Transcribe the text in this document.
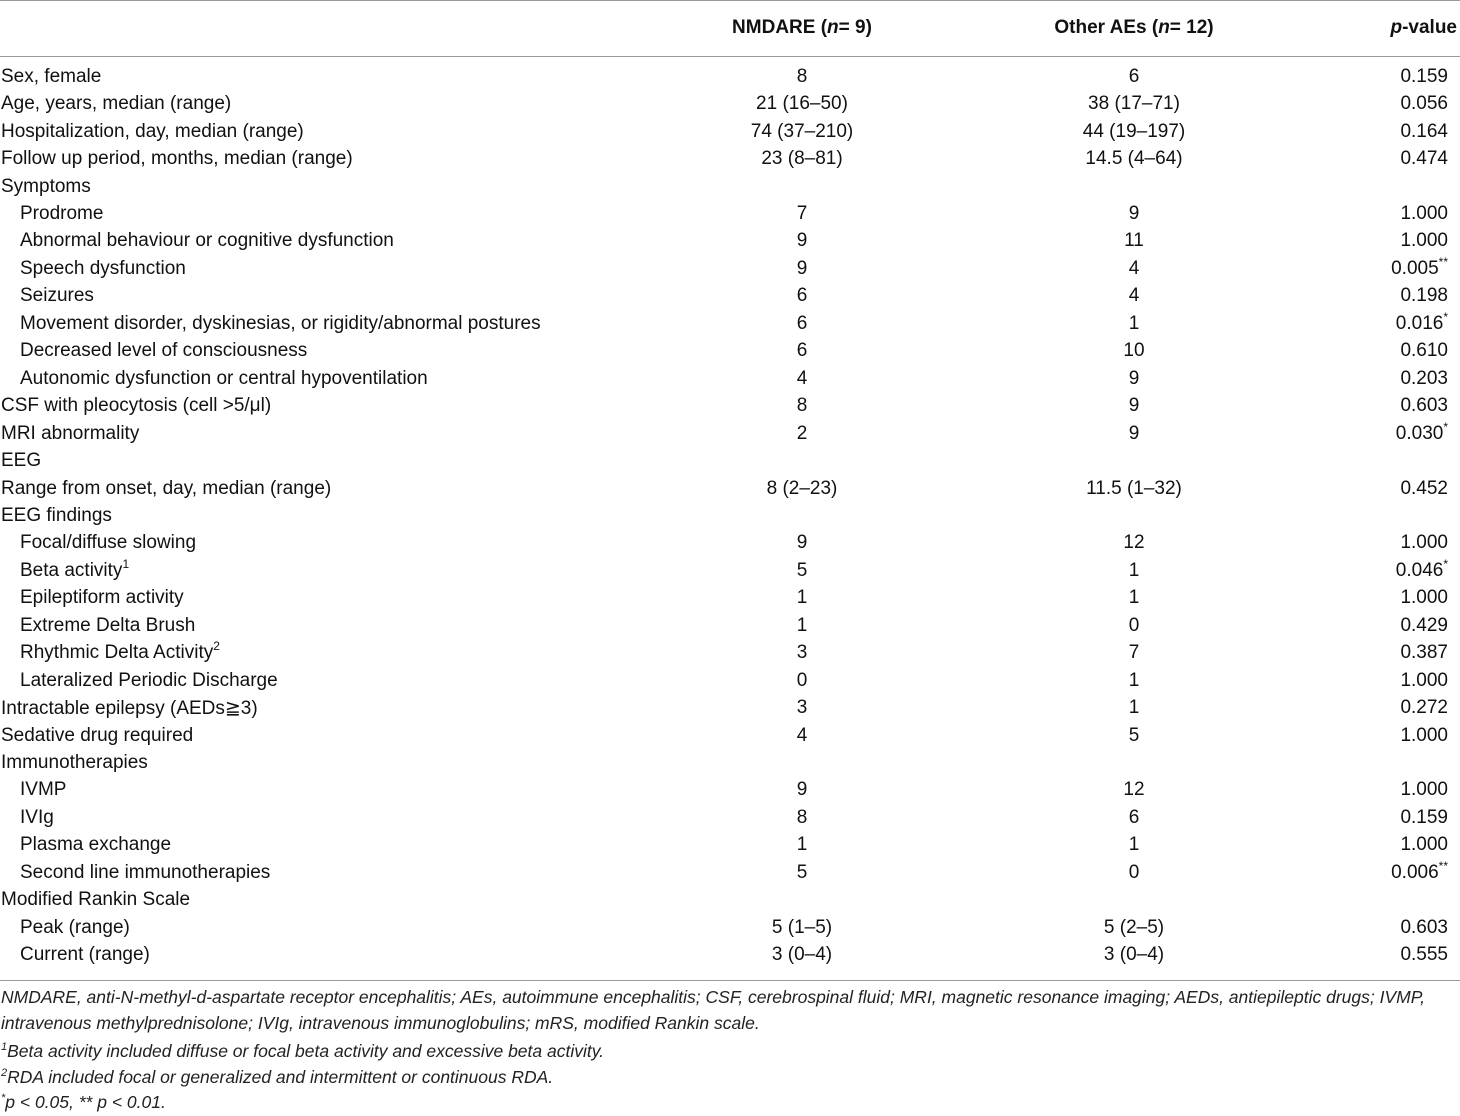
NMDARE ( n = 9)	Other AEs ( n = 12)	p -value
Sex, female	8	6	0.159
Age, years, median (range)	21 (16–50)	38 (17–71)	0.056
Hospitalization, day, median (range)	74 (37–210)	44 (19–197)	0.164
Follow up period, months, median (range)	23 (8–81)	14.5 (4–64)	0.474
Symptoms
Prodrome	7	9	1.000
Abnormal behaviour or cognitive dysfunction	9	11	1.000
Speech dysfunction	9	4	0.005**
Seizures	6	4	0.198
Movement disorder, dyskinesias, or rigidity/abnormal postures	6	1	0.016*
Decreased level of consciousness	6	10	0.610
Autonomic dysfunction or central hypoventilation	4	9	0.203
CSF with pleocytosis (cell >5/μl)	8	9	0.603
MRI abnormality	2	9	0.030*
EEG
Range from onset, day, median (range)	8 (2–23)	11.5 (1–32)	0.452
EEG findings
Focal/diffuse slowing	9	12	1.000
Beta activity$^1$	5	1	0.046*
Epileptiform activity	1	1	1.000
Extreme Delta Brush	1	0	0.429
Rhythmic Delta Activity$^2$	3	7	0.387
Lateralized Periodic Discharge	0	1	1.000
Intractable epilepsy (AEDs≧3)	3	1	0.272
Sedative drug required	4	5	1.000
Immunotherapies
IVMP	9	12	1.000
IVIg	8	6	0.159
Plasma exchange	1	1	1.000
Second line immunotherapies	5	0	0.006**
Modified Rankin Scale
Peak (range)	5 (1–5)	5 (2–5)	0.603
Current (range)	3 (0–4)	3 (0–4)	0.555
NMDARE, anti-N-methyl-d-aspartate receptor encephalitis; AEs, autoimmune encephalitis; CSF, cerebrospinal fluid; MRI, magnetic resonance imaging; AEDs, antiepileptic drugs; IVMP, intravenous methylprednisolone; IVIg, intravenous immunoglobulins; mRS, modified Rankin scale.
$^1$Beta activity included diffuse or focal beta activity and excessive beta activity.
$^2$RDA included focal or generalized and intermittent or continuous RDA.
*p < 0.05, ** p < 0.01.
